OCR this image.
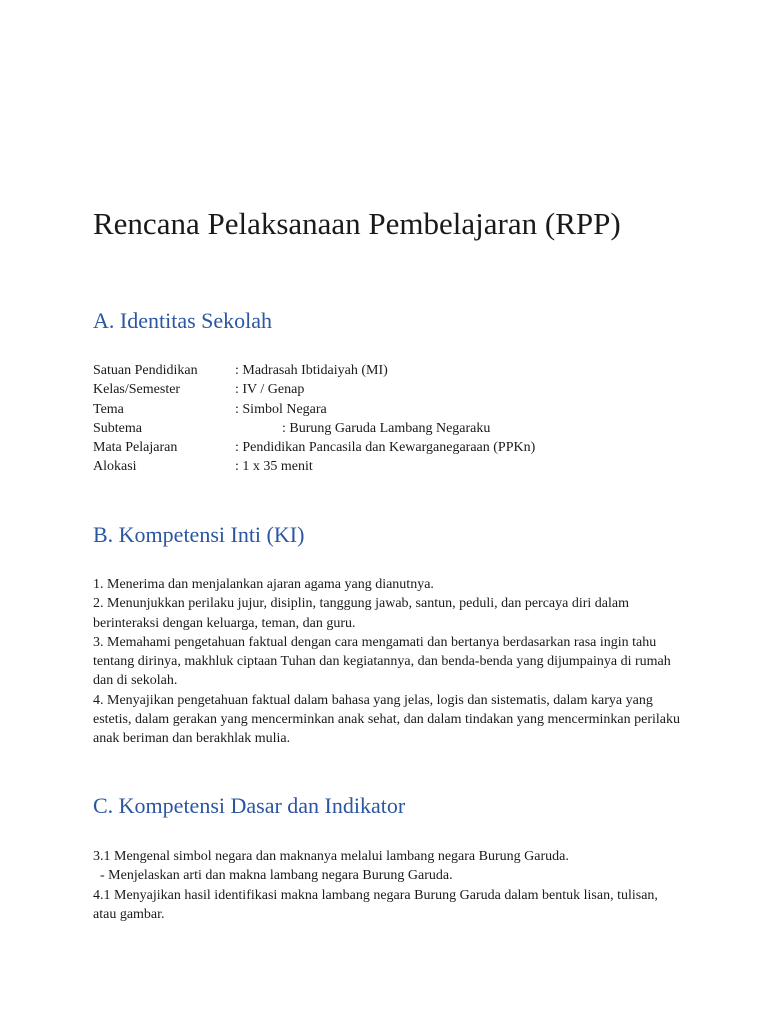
Rencana Pelaksanaan Pembelajaran (RPP)
A. Identitas Sekolah
Satuan Pendidikan	: Madrasah Ibtidaiyah (MI)
Kelas/Semester	: IV / Genap
Tema	: Simbol Negara
Subtema	: Burung Garuda Lambang Negaraku
Mata Pelajaran	: Pendidikan Pancasila dan Kewarganegaraan (PPKn)
Alokasi	: 1 x 35 menit
B. Kompetensi Inti (KI)

1. Menerima dan menjalankan ajaran agama yang dianutnya.

2. Menunjukkan perilaku jujur, disiplin, tanggung jawab, santun, peduli, dan percaya diri dalam berinteraksi dengan keluarga, teman, dan guru.

3. Memahami pengetahuan faktual dengan cara mengamati dan bertanya berdasarkan rasa ingin tahu tentang dirinya, makhluk ciptaan Tuhan dan kegiatannya, dan benda-benda yang dijumpainya di rumah dan di sekolah.

4. Menyajikan pengetahuan faktual dalam bahasa yang jelas, logis dan sistematis, dalam karya yang estetis, dalam gerakan yang mencerminkan anak sehat, dan dalam tindakan yang mencerminkan perilaku anak beriman dan berakhlak mulia.

C. Kompetensi Dasar dan Indikator

3.1 Mengenal simbol negara dan maknanya melalui lambang negara Burung Garuda.

- Menjelaskan arti dan makna lambang negara Burung Garuda.

4.1 Menyajikan hasil identifikasi makna lambang negara Burung Garuda dalam bentuk lisan, tulisan, atau gambar.
